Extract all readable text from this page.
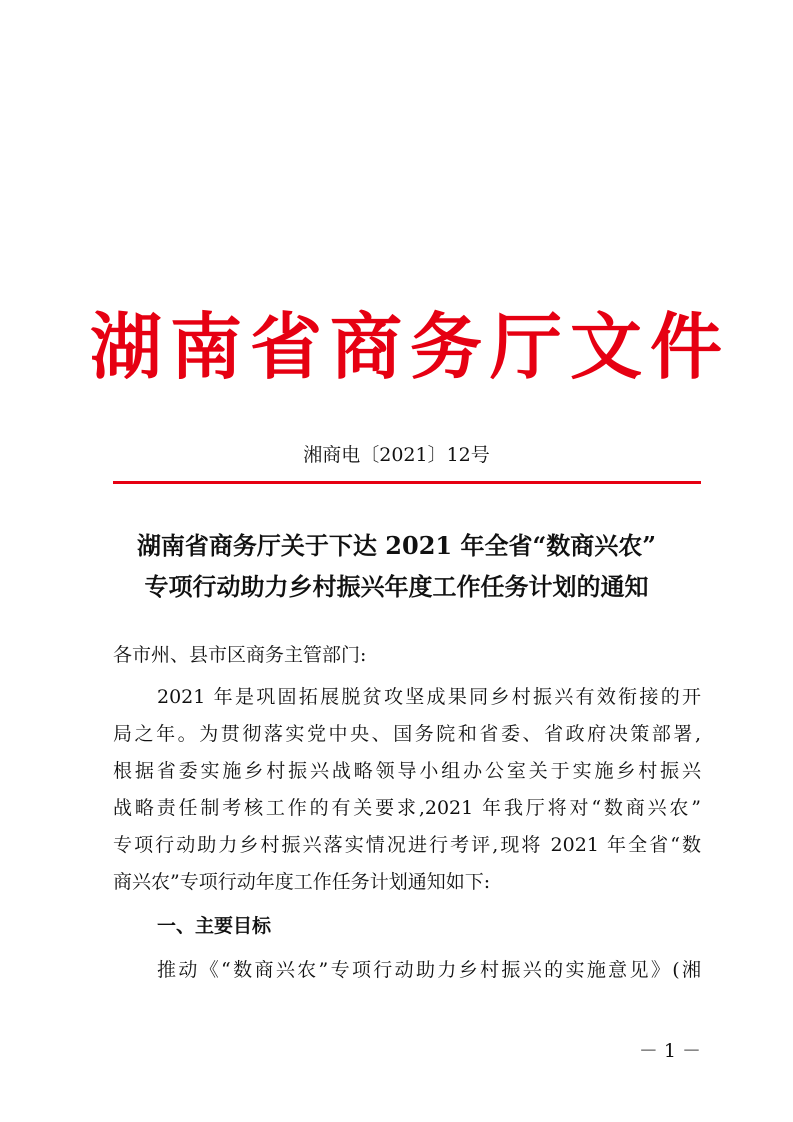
湖南省商务厅文件
湘商电〔2021〕12号
湖南省商务厅关于下达 2021 年全省“数商兴农”
专项行动助力乡村振兴年度工作任务计划的通知
各市州、县市区商务主管部门:
2021 年是巩固拓展脱贫攻坚成果同乡村振兴有效衔接的开
局之年。为贯彻落实党中央、国务院和省委、省政府决策部署,
根据省委实施乡村振兴战略领导小组办公室关于实施乡村振兴
战略责任制考核工作的有关要求,2021 年我厅将对“数商兴农”
专项行动助力乡村振兴落实情况进行考评,现将 2021 年全省“数
商兴农”专项行动年度工作任务计划通知如下:
一、主要目标
推动《“数商兴农”专项行动助力乡村振兴的实施意见》(湘
－ 1 －
